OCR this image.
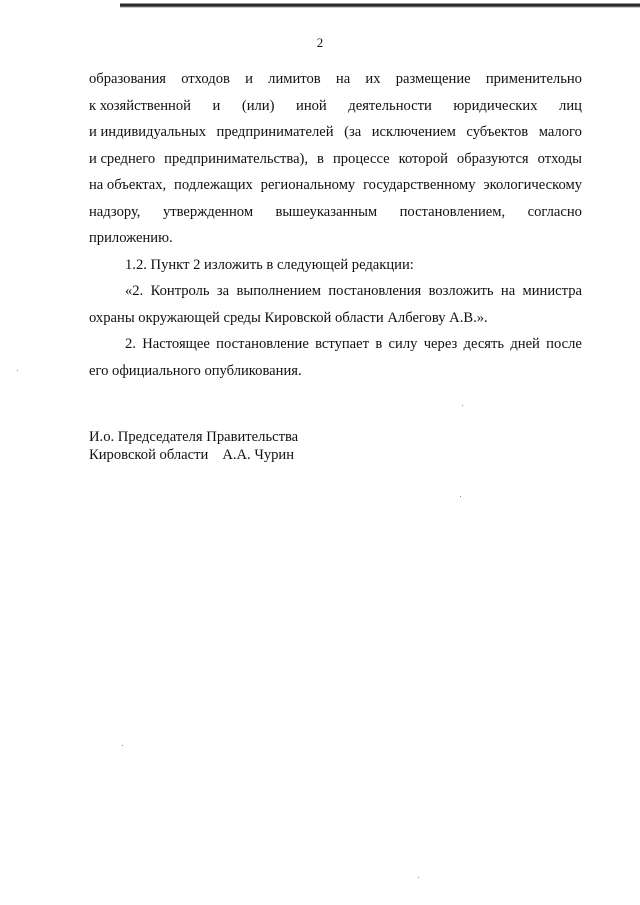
2
образования отходов и лимитов на их размещение применительно
к хозяйственной и (или) иной деятельности юридических лиц
и индивидуальных предпринимателей (за исключением субъектов малого
и среднего предпринимательства), в процессе которой образуются отходы
на объектах, подлежащих региональному государственному экологическому
надзору, утвержденном вышеуказанным постановлением, согласно
приложению.
1.2. Пункт 2 изложить в следующей редакции:
«2. Контроль за выполнением постановления возложить на министра
охраны окружающей среды Кировской области Албегову А.В.».
2. Настоящее постановление вступает в силу через десять дней после
его официального опубликования.
И.о. Председателя Правительства
Кировской области А.А. Чурин
